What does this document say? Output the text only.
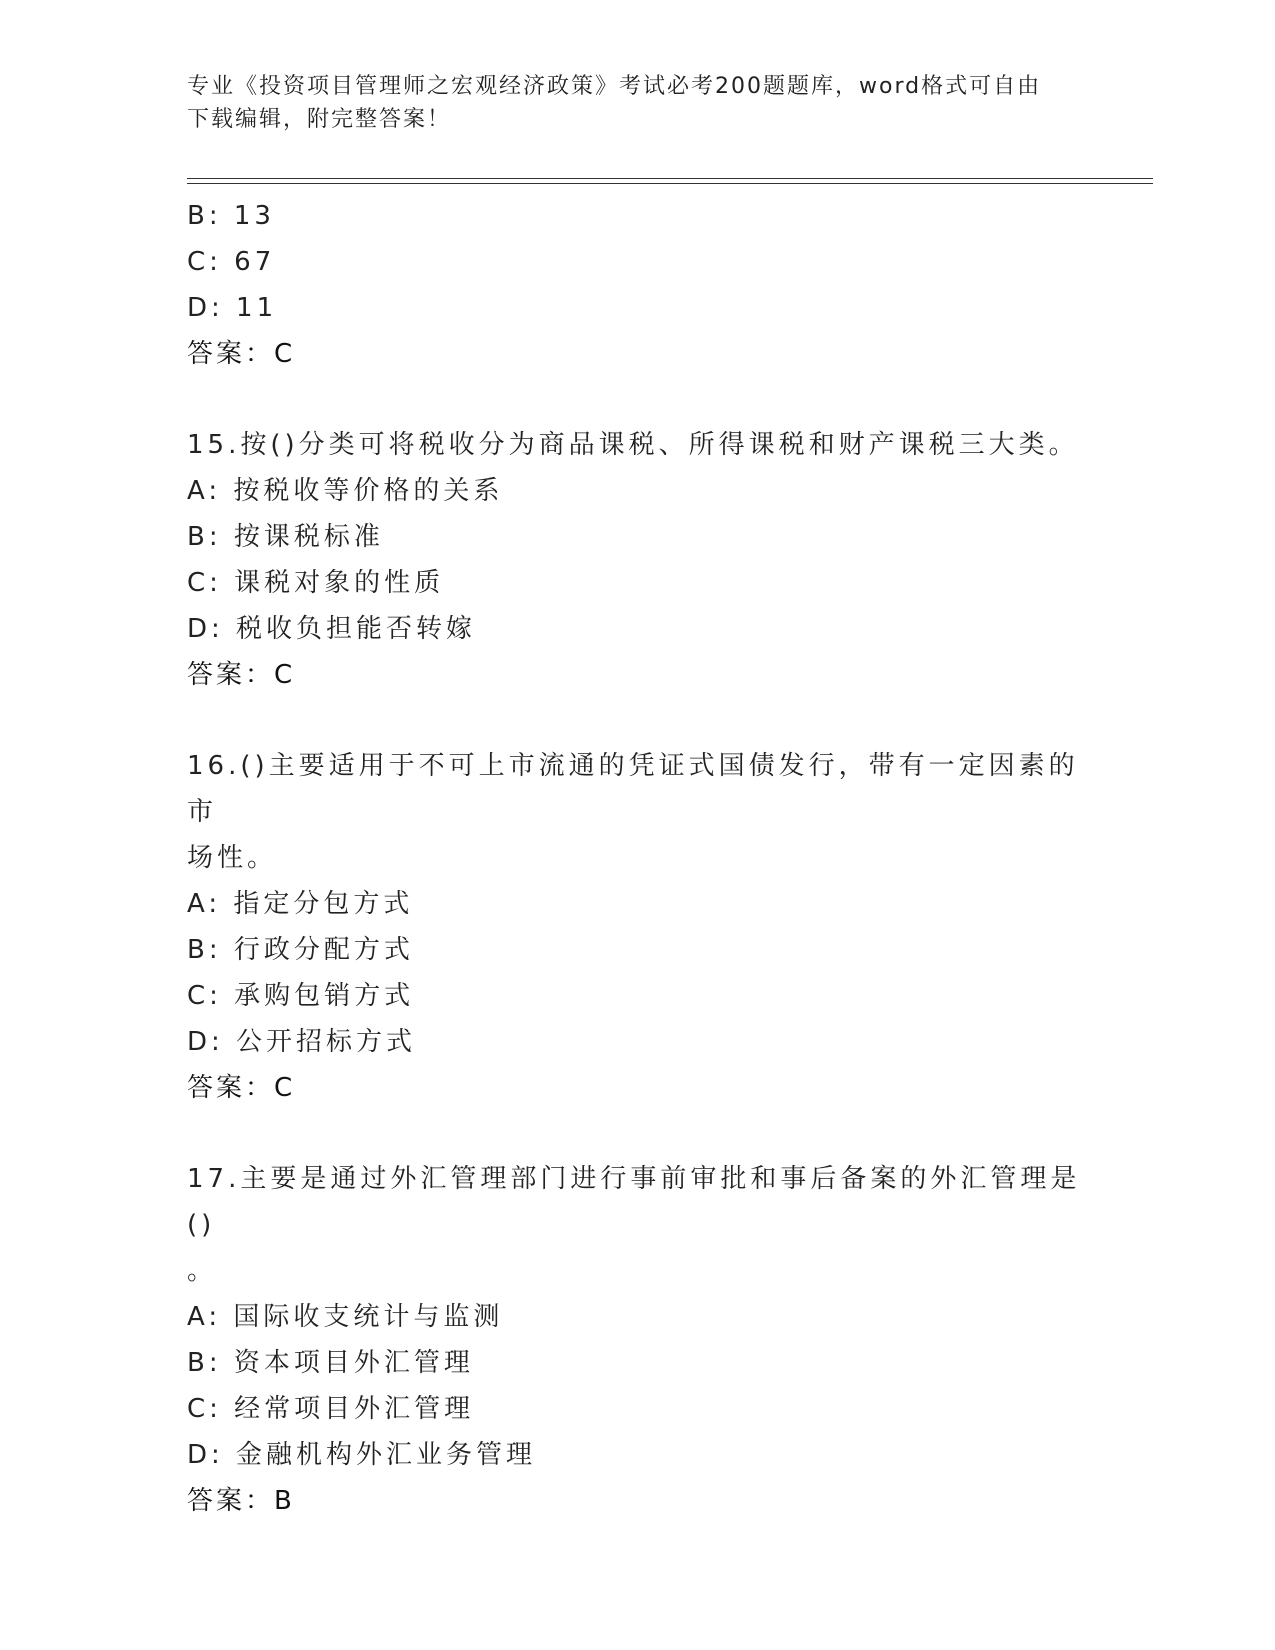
专业《投资项目管理师之宏观经济政策》考试必考200题题库，word格式可自由
下载编辑，附完整答案！
B: 13
C: 67
D: 11
答案：C
15.按()分类可将税收分为商品课税、所得课税和财产课税三大类。
A: 按税收等价格的关系
B: 按课税标准
C: 课税对象的性质
D: 税收负担能否转嫁
答案：C
16.()主要适用于不可上市流通的凭证式国债发行，带有一定因素的市
场性。
A: 指定分包方式
B: 行政分配方式
C: 承购包销方式
D: 公开招标方式
答案：C
17.主要是通过外汇管理部门进行事前审批和事后备案的外汇管理是()
。
A: 国际收支统计与监测
B: 资本项目外汇管理
C: 经常项目外汇管理
D: 金融机构外汇业务管理
答案：B
